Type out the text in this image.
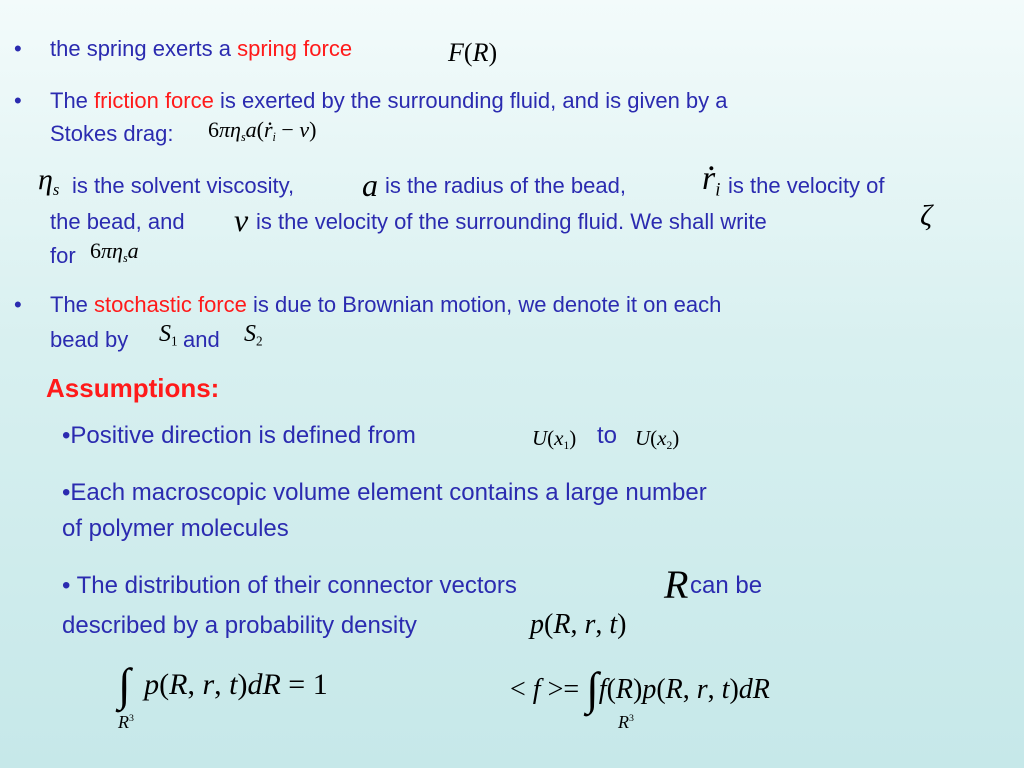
• the spring exerts a spring force	F(R)
• The friction force is exerted by the surrounding fluid, and is given by a
Stokes drag: $6\pi\eta_sa(r$ $._i - v$)
$\eta_s$ is the solvent viscosity, a is the radius of the bead, r $._i$ is the velocity of
the bead, and v is the velocity of the surrounding fluid. We shall write	ζ
for $6\pi\eta_sa$
• The stochastic force is due to Brownian motion, we denote it on each
bead by $S_1$ and $S_2$
Assumptions:
•Positive direction is defined from	$U(x_1)$ to $U(x_2)$
•Each macroscopic volume element contains a large number
of polymer molecules
• The distribution of their connector vectors	R can be
described by a probability density	p(R, r, t)
∫ p(R, r, t)dR = 1
$R^3$
< f >= ∫f(R)p(R, r, t)dR
$R^3$
